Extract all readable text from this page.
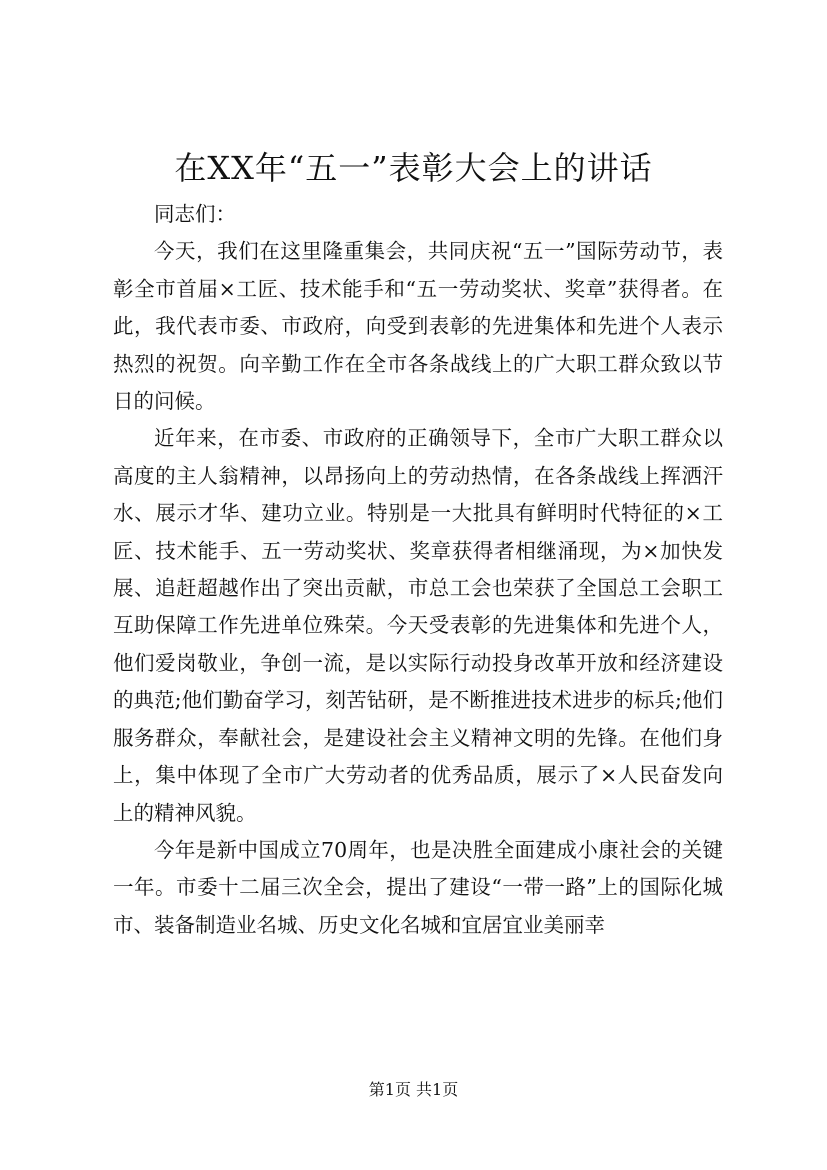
在XX年“五一”表彰大会上的讲话

同志们：

今天，我们在这里隆重集会，共同庆祝“五一”国际劳动节，表彰全市首届×工匠、技术能手和“五一劳动奖状、奖章”获得者。在此，我代表市委、市政府，向受到表彰的先进集体和先进个人表示热烈的祝贺。向辛勤工作在全市各条战线上的广大职工群众致以节日的问候。

近年来，在市委、市政府的正确领导下，全市广大职工群众以高度的主人翁精神，以昂扬向上的劳动热情，在各条战线上挥洒汗水、展示才华、建功立业。特别是一大批具有鲜明时代特征的×工匠、技术能手、五一劳动奖状、奖章获得者相继涌现，为×加快发展、追赶超越作出了突出贡献，市总工会也荣获了全国总工会职工互助保障工作先进单位殊荣。今天受表彰的先进集体和先进个人，他们爱岗敬业，争创一流，是以实际行动投身改革开放和经济建设的典范;他们勤奋学习，刻苦钻研，是不断推进技术进步的标兵;他们服务群众，奉献社会，是建设社会主义精神文明的先锋。在他们身上，集中体现了全市广大劳动者的优秀品质，展示了×人民奋发向上的精神风貌。

今年是新中国成立70周年，也是决胜全面建成小康社会的关键一年。市委十二届三次全会，提出了建设“一带一路”上的国际化城市、装备制造业名城、历史文化名城和宜居宜业美丽幸

第1页 共1页
